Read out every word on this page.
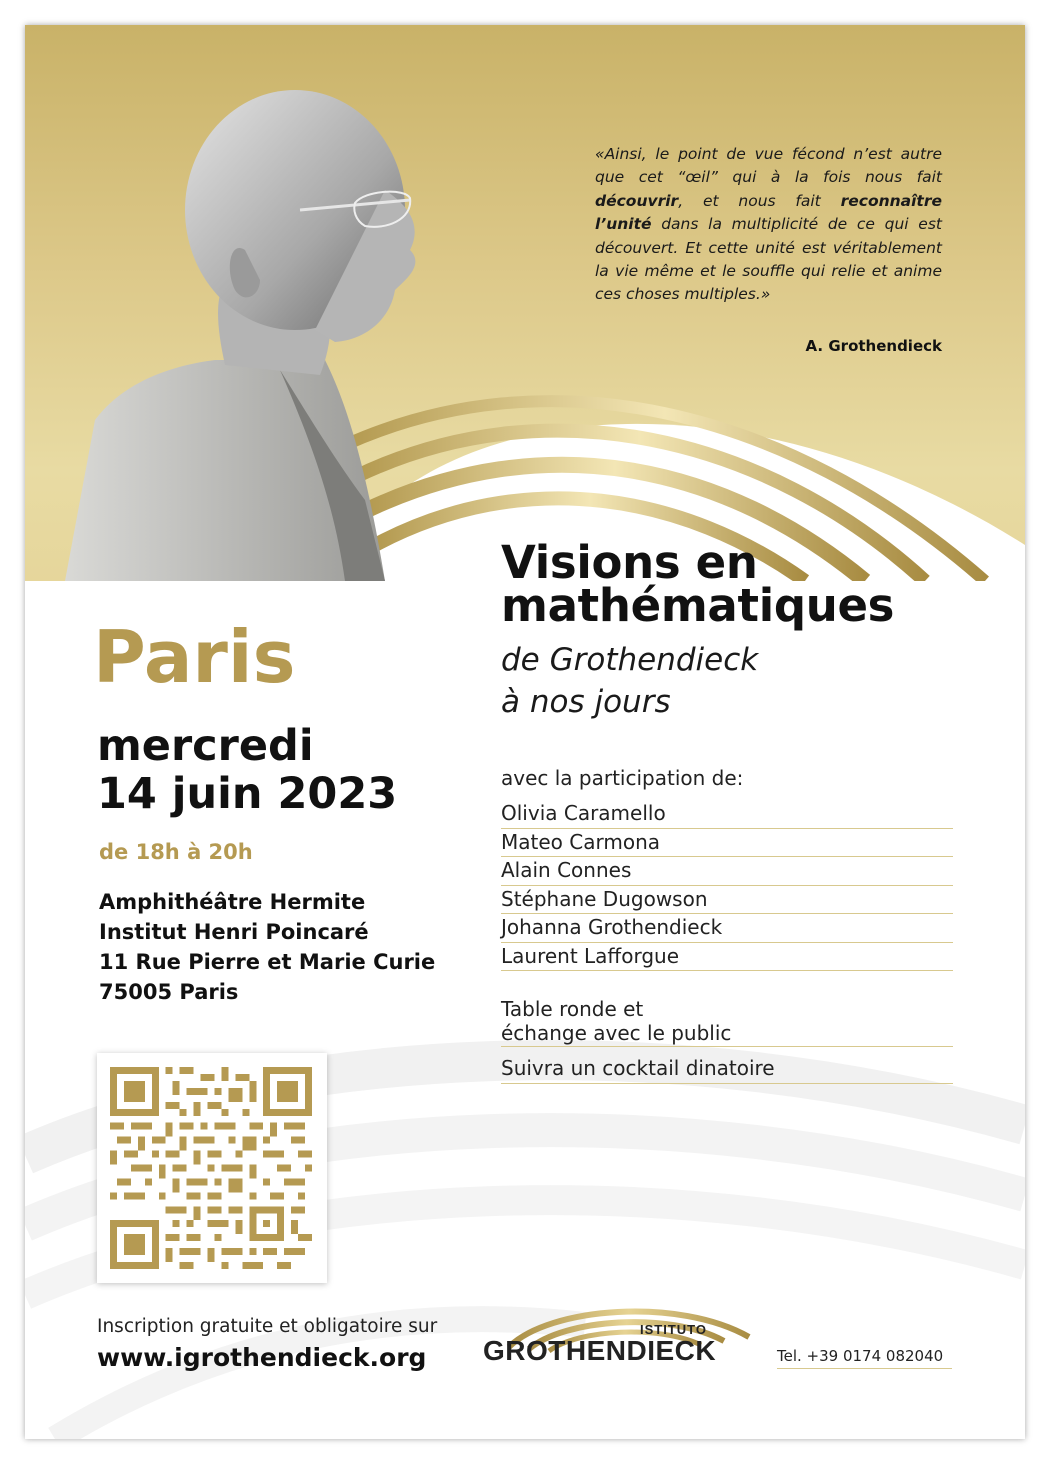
«Ainsi, le point de vue fécond n’est autre que cet “œil” qui à la fois nous fait découvrir, et nous fait reconnaître l’unité dans la multiplicité de ce qui est découvert. Et cette unité est véritablement la vie même et le souffle qui relie et anime ces choses multiples.»
A. Grothendieck
Visions en
mathématiques
de Grothendieck
à nos jours
Paris
mercredi
14 juin 2023
de 18h à 20h
Amphithéâtre Hermite
Institut Henri Poincaré
11 Rue Pierre et Marie Curie
75005 Paris
avec la participation de:
Olivia Caramello
Mateo Carmona
Alain Connes
Stéphane Dugowson
Johanna Grothendieck
Laurent Lafforgue
Table ronde et
échange avec le public
Suivra un cocktail dinatoire
Inscription gratuite et obligatoire sur
www.igrothendieck.org
ISTITUTO
GROTHENDIECK	Tel. +39 0174 082040
